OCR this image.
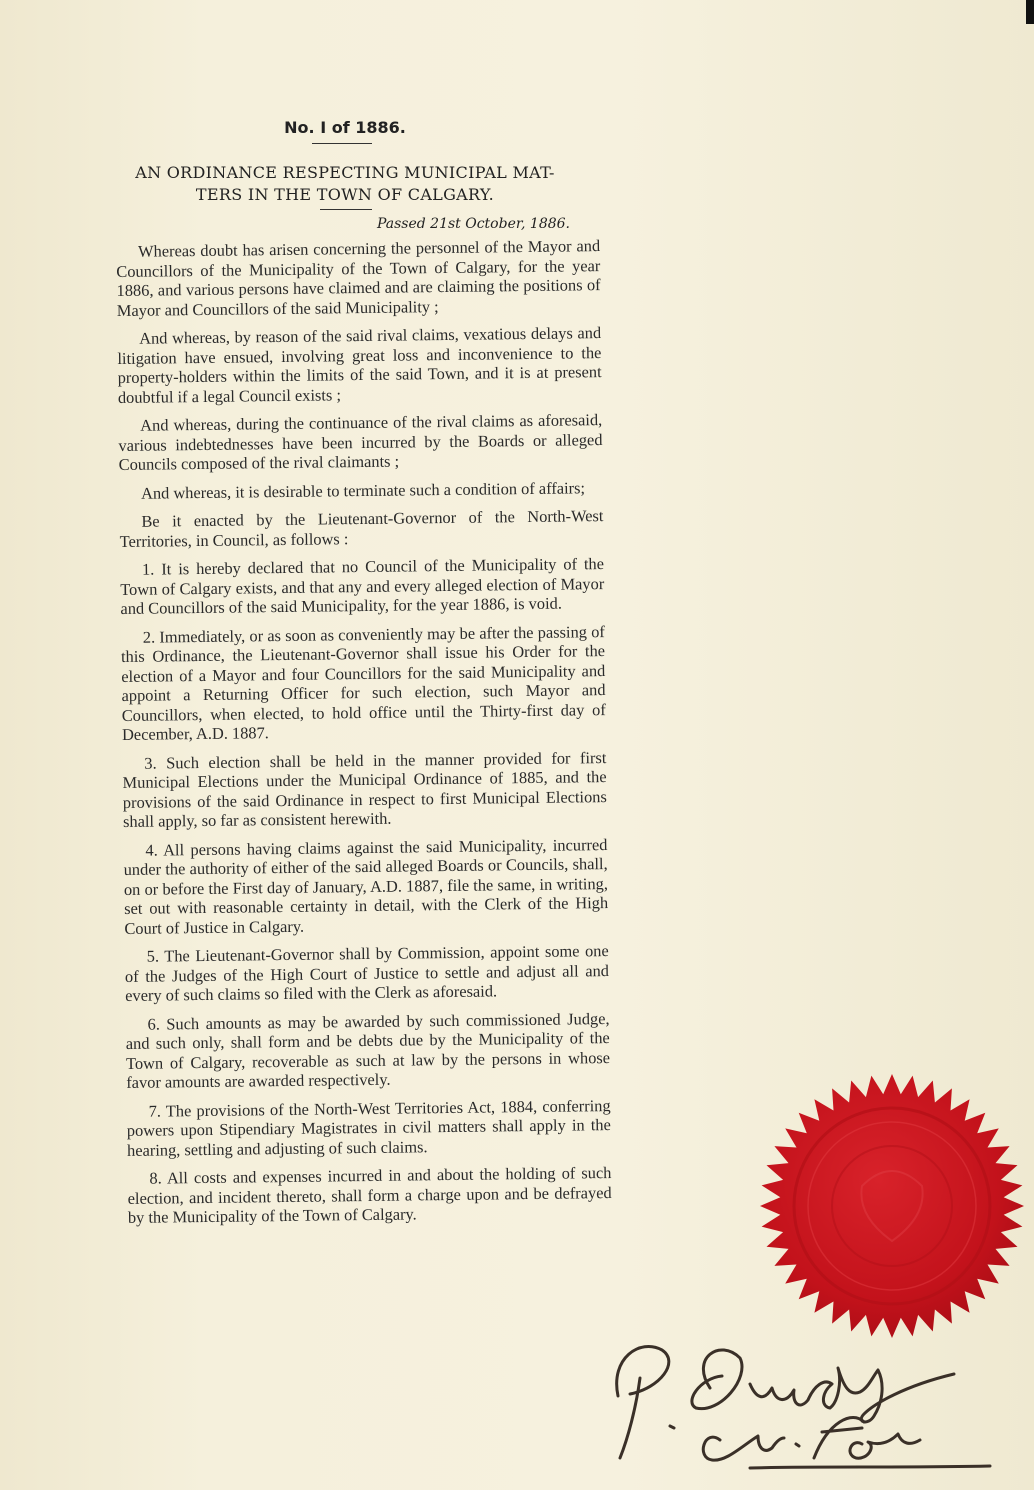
No. I of 1886.
AN ORDINANCE RESPECTING MUNICIPAL MAT-
TERS IN THE TOWN OF CALGARY.
Passed 21st October, 1886.

Whereas doubt has arisen concerning the personnel of the Mayor and Councillors of the Municipality of the Town of Calgary, for the year 1886, and various persons have claimed and are claiming the positions of Mayor and Councillors of the said Municipality ;

And whereas, by reason of the said rival claims, vexatious delays and litigation have ensued, involving great loss and inconvenience to the property-holders within the limits of the said Town, and it is at present doubtful if a legal Council exists ;

And whereas, during the continuance of the rival claims as aforesaid, various indebtednesses have been incurred by the Boards or alleged Councils composed of the rival claimants ;

And whereas, it is desirable to terminate such a condition of affairs;

Be it enacted by the Lieutenant-Governor of the North-West Territories, in Council, as follows :

1. It is hereby declared that no Council of the Municipality of the Town of Calgary exists, and that any and every alleged election of Mayor and Councillors of the said Municipality, for the year 1886, is void.

2. Immediately, or as soon as conveniently may be after the passing of this Ordinance, the Lieutenant-Governor shall issue his Order for the election of a Mayor and four Councillors for the said Municipality and appoint a Returning Officer for such election, such Mayor and Councillors, when elected, to hold office until the Thirty-first day of December, A.D. 1887.

3. Such election shall be held in the manner provided for first Municipal Elections under the Municipal Ordinance of 1885, and the provisions of the said Ordinance in respect to first Municipal Elections shall apply, so far as consistent herewith.

4. All persons having claims against the said Municipality, incurred under the authority of either of the said alleged Boards or Councils, shall, on or before the First day of January, A.D. 1887, file the same, in writing, set out with reasonable certainty in detail, with the Clerk of the High Court of Justice in Calgary.

5. The Lieutenant-Governor shall by Commission, appoint some one of the Judges of the High Court of Justice to settle and adjust all and every of such claims so filed with the Clerk as aforesaid.

6. Such amounts as may be awarded by such commissioned Judge, and such only, shall form and be debts due by the Municipality of the Town of Calgary, recoverable as such at law by the persons in whose favor amounts are awarded respectively.

7. The provisions of the North-West Territories Act, 1884, conferring powers upon Stipendiary Magistrates in civil matters shall apply in the hearing, settling and adjusting of such claims.

8. All costs and expenses incurred in and about the holding of such election, and incident thereto, shall form a charge upon and be defrayed by the Municipality of the Town of Calgary.
